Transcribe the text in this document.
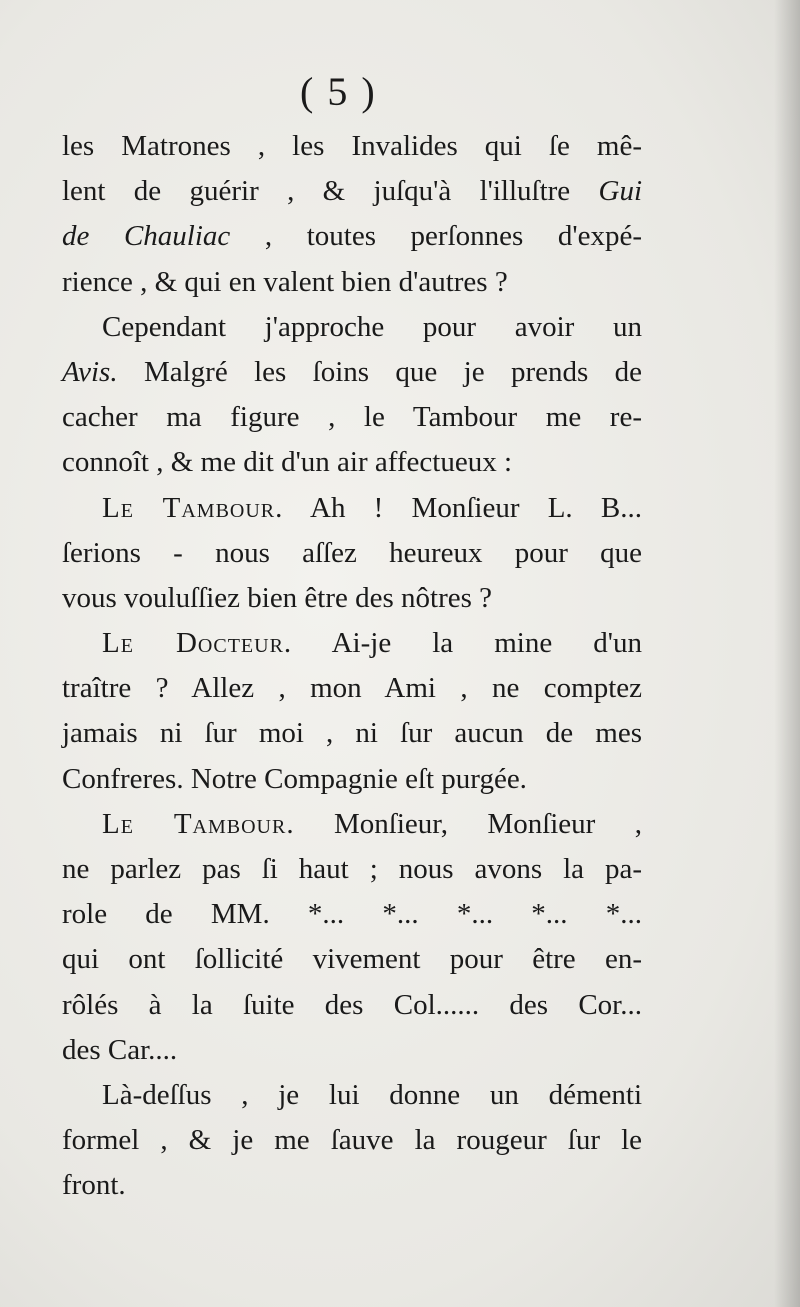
( 5 )
les Matrones , les Invalides qui ſe mê-
lent de guérir , & juſqu'à l'illuſtre Gui
de Chauliac , toutes perſonnes d'expé-
rience , & qui en valent bien d'autres ?
Cependant j'approche pour avoir un
Avis. Malgré les ſoins que je prends de
cacher ma figure , le Tambour me re-
connoît , & me dit d'un air affectueux :
Le Tambour. Ah ! Monſieur L. B...
ſerions - nous aſſez heureux pour que
vous vouluſſiez bien être des nôtres ?
Le Docteur. Ai-je la mine d'un
traître ? Allez , mon Ami , ne comptez
jamais ni ſur moi , ni ſur aucun de mes
Confreres. Notre Compagnie eſt purgée.
Le Tambour. Monſieur, Monſieur ,
ne parlez pas ſi haut ; nous avons la pa-
role de MM. *... *... *... *... *...
qui ont ſollicité vivement pour être en-
rôlés à la ſuite des Col...... des Cor...
des Car....
Là-deſſus , je lui donne un démenti
formel , & je me ſauve la rougeur ſur le
front.
